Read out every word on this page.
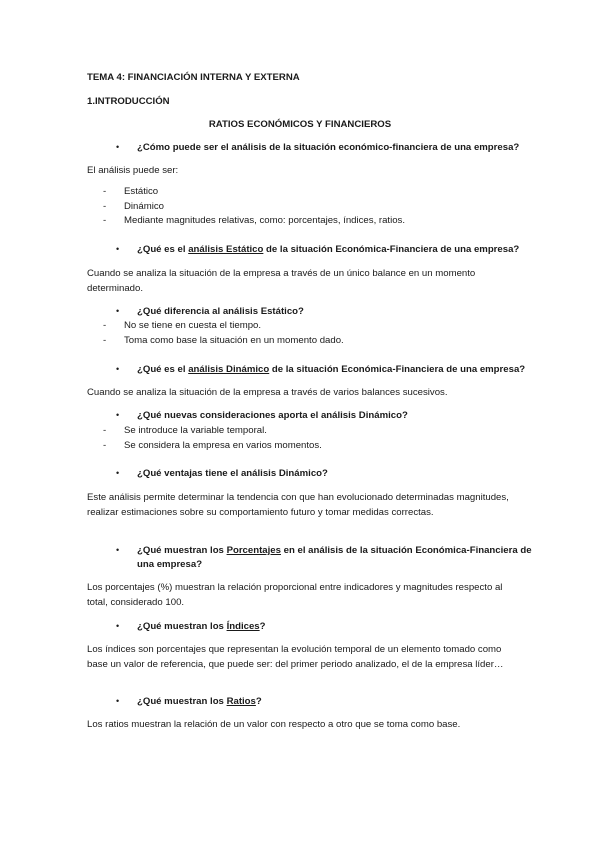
TEMA 4: FINANCIACIÓN INTERNA Y EXTERNA
1.INTRODUCCIÓN
RATIOS ECONÓMICOS Y FINANCIEROS
• ¿Cómo puede ser el análisis de la situación económico-financiera de una empresa?
El análisis puede ser:
- Estático
- Dinámico
- Mediante magnitudes relativas, como: porcentajes, índices, ratios.
• ¿Qué es el análisis Estático de la situación Económica-Financiera de una empresa?
Cuando se analiza la situación de la empresa a través de un único balance en un momento determinado.
• ¿Qué diferencia al análisis Estático?
- No se tiene en cuesta el tiempo.
- Toma como base la situación en un momento dado.
• ¿Qué es el análisis Dinámico de la situación Económica-Financiera de una empresa?
Cuando se analiza la situación de la empresa a través de varios balances sucesivos.
• ¿Qué nuevas consideraciones aporta el análisis Dinámico?
- Se introduce la variable temporal.
- Se considera la empresa en varios momentos.
• ¿Qué ventajas tiene el análisis Dinámico?
Este análisis permite determinar la tendencia con que han evolucionado determinadas magnitudes, realizar estimaciones sobre su comportamiento futuro y tomar medidas correctas.
• ¿Qué muestran los Porcentajes en el análisis de la situación Económica-Financiera de
una empresa?
Los porcentajes (%) muestran la relación proporcional entre indicadores y magnitudes respecto al total, considerado 100.
• ¿Qué muestran los Índices?
Los índices son porcentajes que representan la evolución temporal de un elemento tomado como base un valor de referencia, que puede ser: del primer periodo analizado, el de la empresa líder…
• ¿Qué muestran los Ratios?
Los ratios muestran la relación de un valor con respecto a otro que se toma como base.
